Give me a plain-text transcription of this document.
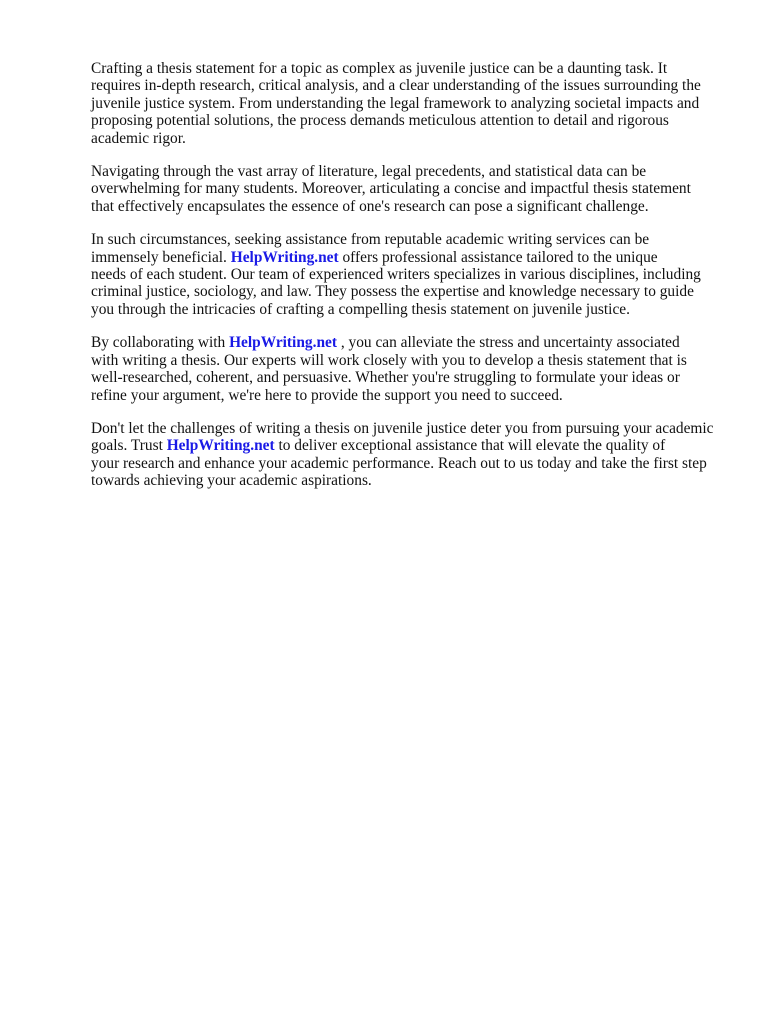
Crafting a thesis statement for a topic as complex as juvenile justice can be a daunting task. It
requires in-depth research, critical analysis, and a clear understanding of the issues surrounding the
juvenile justice system. From understanding the legal framework to analyzing societal impacts and
proposing potential solutions, the process demands meticulous attention to detail and rigorous
academic rigor.

Navigating through the vast array of literature, legal precedents, and statistical data can be
overwhelming for many students. Moreover, articulating a concise and impactful thesis statement
that effectively encapsulates the essence of one's research can pose a significant challenge.

In such circumstances, seeking assistance from reputable academic writing services can be
immensely beneficial. HelpWriting.net offers professional assistance tailored to the unique
needs of each student. Our team of experienced writers specializes in various disciplines, including
criminal justice, sociology, and law. They possess the expertise and knowledge necessary to guide
you through the intricacies of crafting a compelling thesis statement on juvenile justice.

By collaborating with HelpWriting.net , you can alleviate the stress and uncertainty associated
with writing a thesis. Our experts will work closely with you to develop a thesis statement that is
well-researched, coherent, and persuasive. Whether you're struggling to formulate your ideas or
refine your argument, we're here to provide the support you need to succeed.

Don't let the challenges of writing a thesis on juvenile justice deter you from pursuing your academic
goals. Trust HelpWriting.net to deliver exceptional assistance that will elevate the quality of
your research and enhance your academic performance. Reach out to us today and take the first step
towards achieving your academic aspirations.
